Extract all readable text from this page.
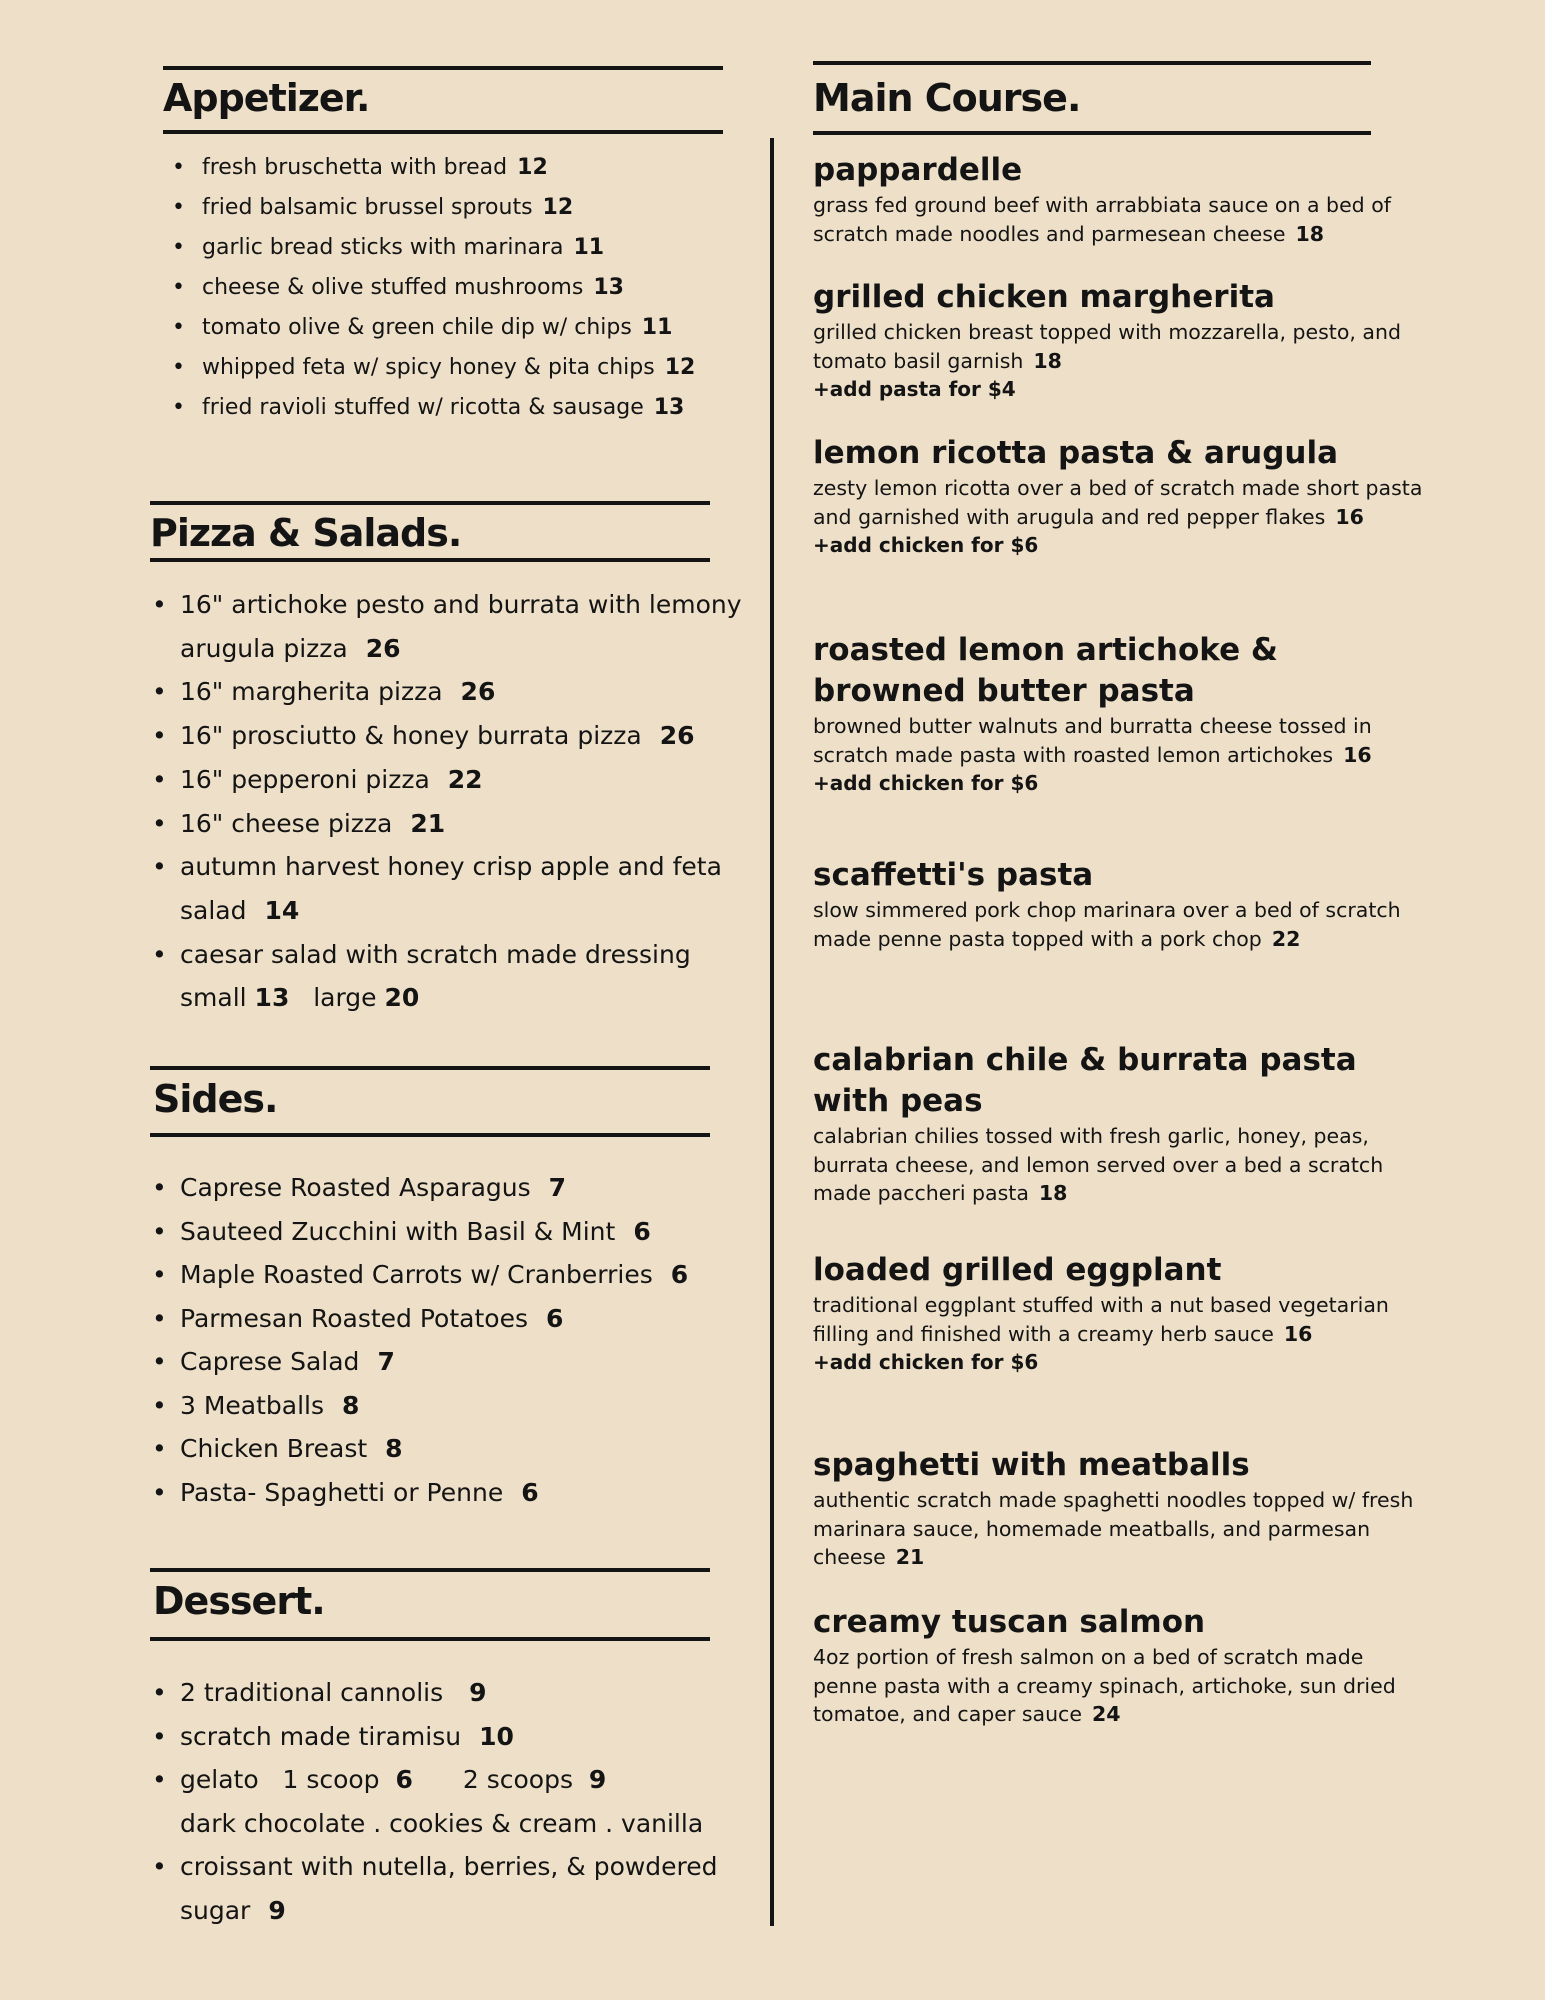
Appetizer.
• fresh bruschetta with bread 12
• fried balsamic brussel sprouts 12
• garlic bread sticks with marinara 11
• cheese & olive stuffed mushrooms 13
• tomato olive & green chile dip w/ chips 11
• whipped feta w/ spicy honey & pita chips 12
• fried ravioli stuffed w/ ricotta & sausage 13
Pizza & Salads.
• 16" artichoke pesto and burrata with lemony arugula pizza 26
• 16" margherita pizza 26
• 16" prosciutto & honey burrata pizza 26
• 16" pepperoni pizza 22
• 16" cheese pizza 21
• autumn harvest honey crisp apple and feta salad 14
• caesar salad with scratch made dressing
small 13 large 20
Sides.
• Caprese Roasted Asparagus 7
• Sauteed Zucchini with Basil & Mint 6
• Maple Roasted Carrots w/ Cranberries 6
• Parmesan Roasted Potatoes 6
• Caprese Salad 7
• 3 Meatballs 8
• Chicken Breast 8
• Pasta- Spaghetti or Penne 6
Dessert.
• 2 traditional cannolis 9
• scratch made tiramisu 10
• gelato 1 scoop 6 2 scoops 9
dark chocolate . cookies & cream . vanilla
• croissant with nutella, berries, & powdered sugar 9
Main Course.

pappardelle

grass fed ground beef with arrabbiata sauce on a bed of scratch made noodles and parmesean cheese 18

grilled chicken margherita

grilled chicken breast topped with mozzarella, pesto, and tomato basil garnish 18

+add pasta for $4

lemon ricotta pasta & arugula

zesty lemon ricotta over a bed of scratch made short pasta and garnished with arugula and red pepper flakes 16

+add chicken for $6

roasted lemon artichoke & browned butter pasta

browned butter walnuts and burratta cheese tossed in scratch made pasta with roasted lemon artichokes 16

+add chicken for $6

scaffetti's pasta

slow simmered pork chop marinara over a bed of scratch made penne pasta topped with a pork chop 22

calabrian chile & burrata pasta with peas

calabrian chilies tossed with fresh garlic, honey, peas, burrata cheese, and lemon served over a bed a scratch made paccheri pasta 18

loaded grilled eggplant

traditional eggplant stuffed with a nut based vegetarian filling and finished with a creamy herb sauce 16

+add chicken for $6

spaghetti with meatballs

authentic scratch made spaghetti noodles topped w/ fresh marinara sauce, homemade meatballs, and parmesan cheese 21

creamy tuscan salmon

4oz portion of fresh salmon on a bed of scratch made penne pasta with a creamy spinach, artichoke, sun dried tomatoe, and caper sauce 24
